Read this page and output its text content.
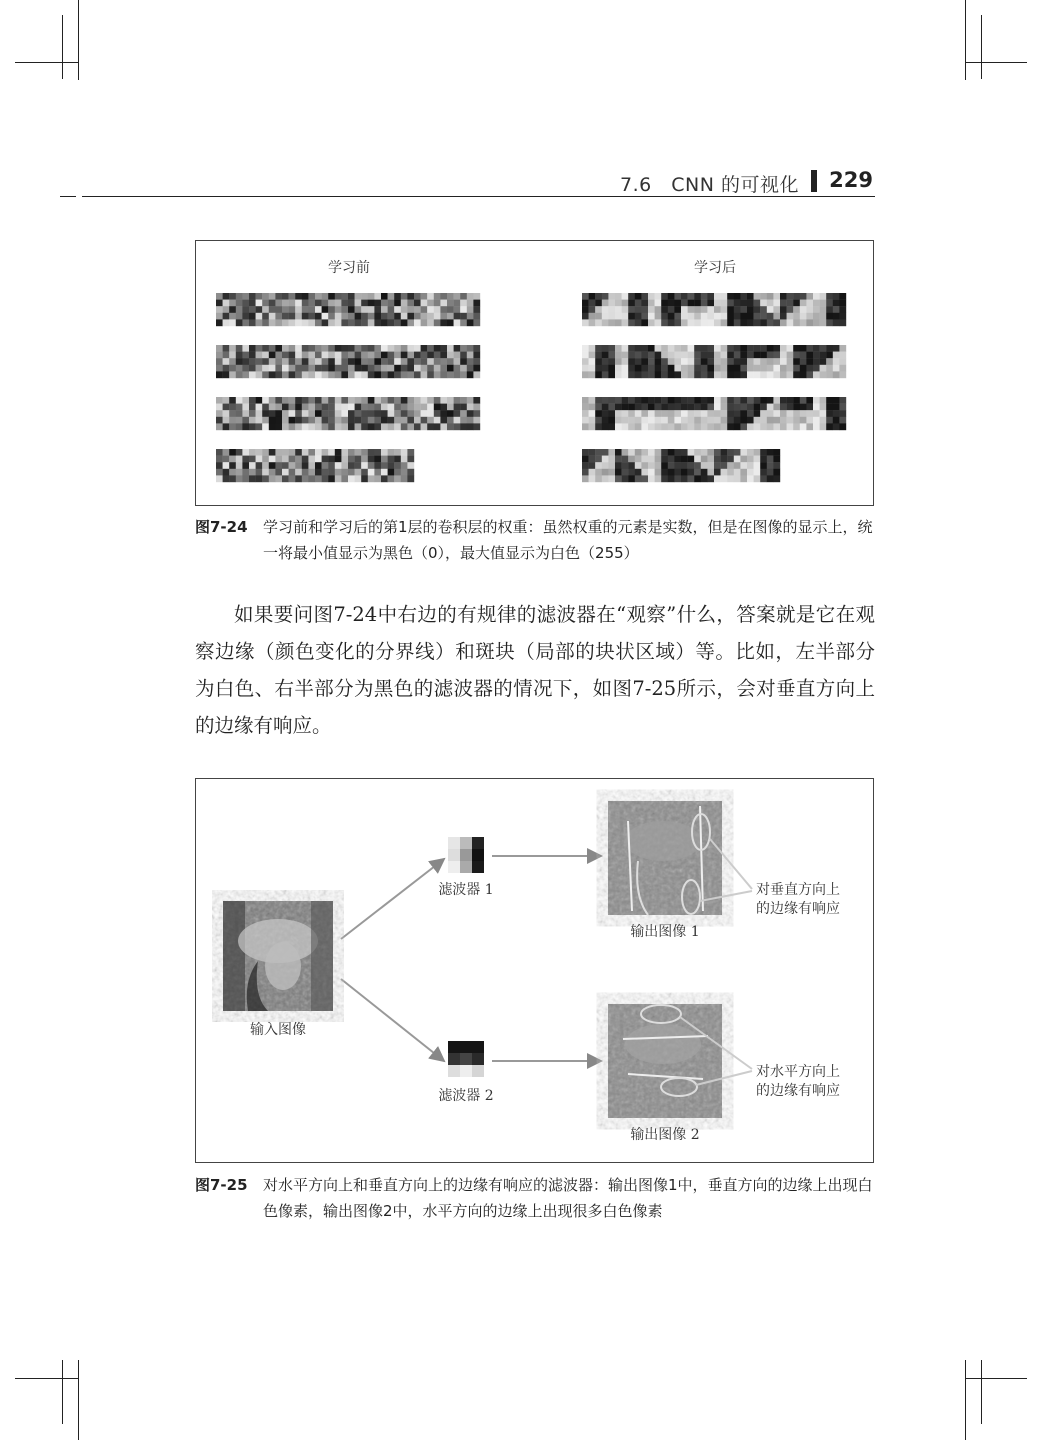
7.6　CNN 的可视化 229
学习前	学习后
图7-24 学习前和学习后的第1层的卷积层的权重：虽然权重的元素是实数，但是在图像的显示上，统一将最小值显示为黑色（0），最大值显示为白色（255）
如果要问图7-24中右边的有规律的滤波器在“观察”什么，答案就是它在观察边缘（颜色变化的分界线）和斑块（局部的块状区域）等。比如，左半部分为白色、右半部分为黑色的滤波器的情况下，如图7-25所示，会对垂直方向上的边缘有响应。
输入图像
滤波器 1
滤波器 2
输出图像 1
输出图像 2
对垂直方向上
的边缘有响应
对水平方向上
的边缘有响应
图7-25 对水平方向上和垂直方向上的边缘有响应的滤波器：输出图像1中，垂直方向的边缘上出现白色像素，输出图像2中，水平方向的边缘上出现很多白色像素
